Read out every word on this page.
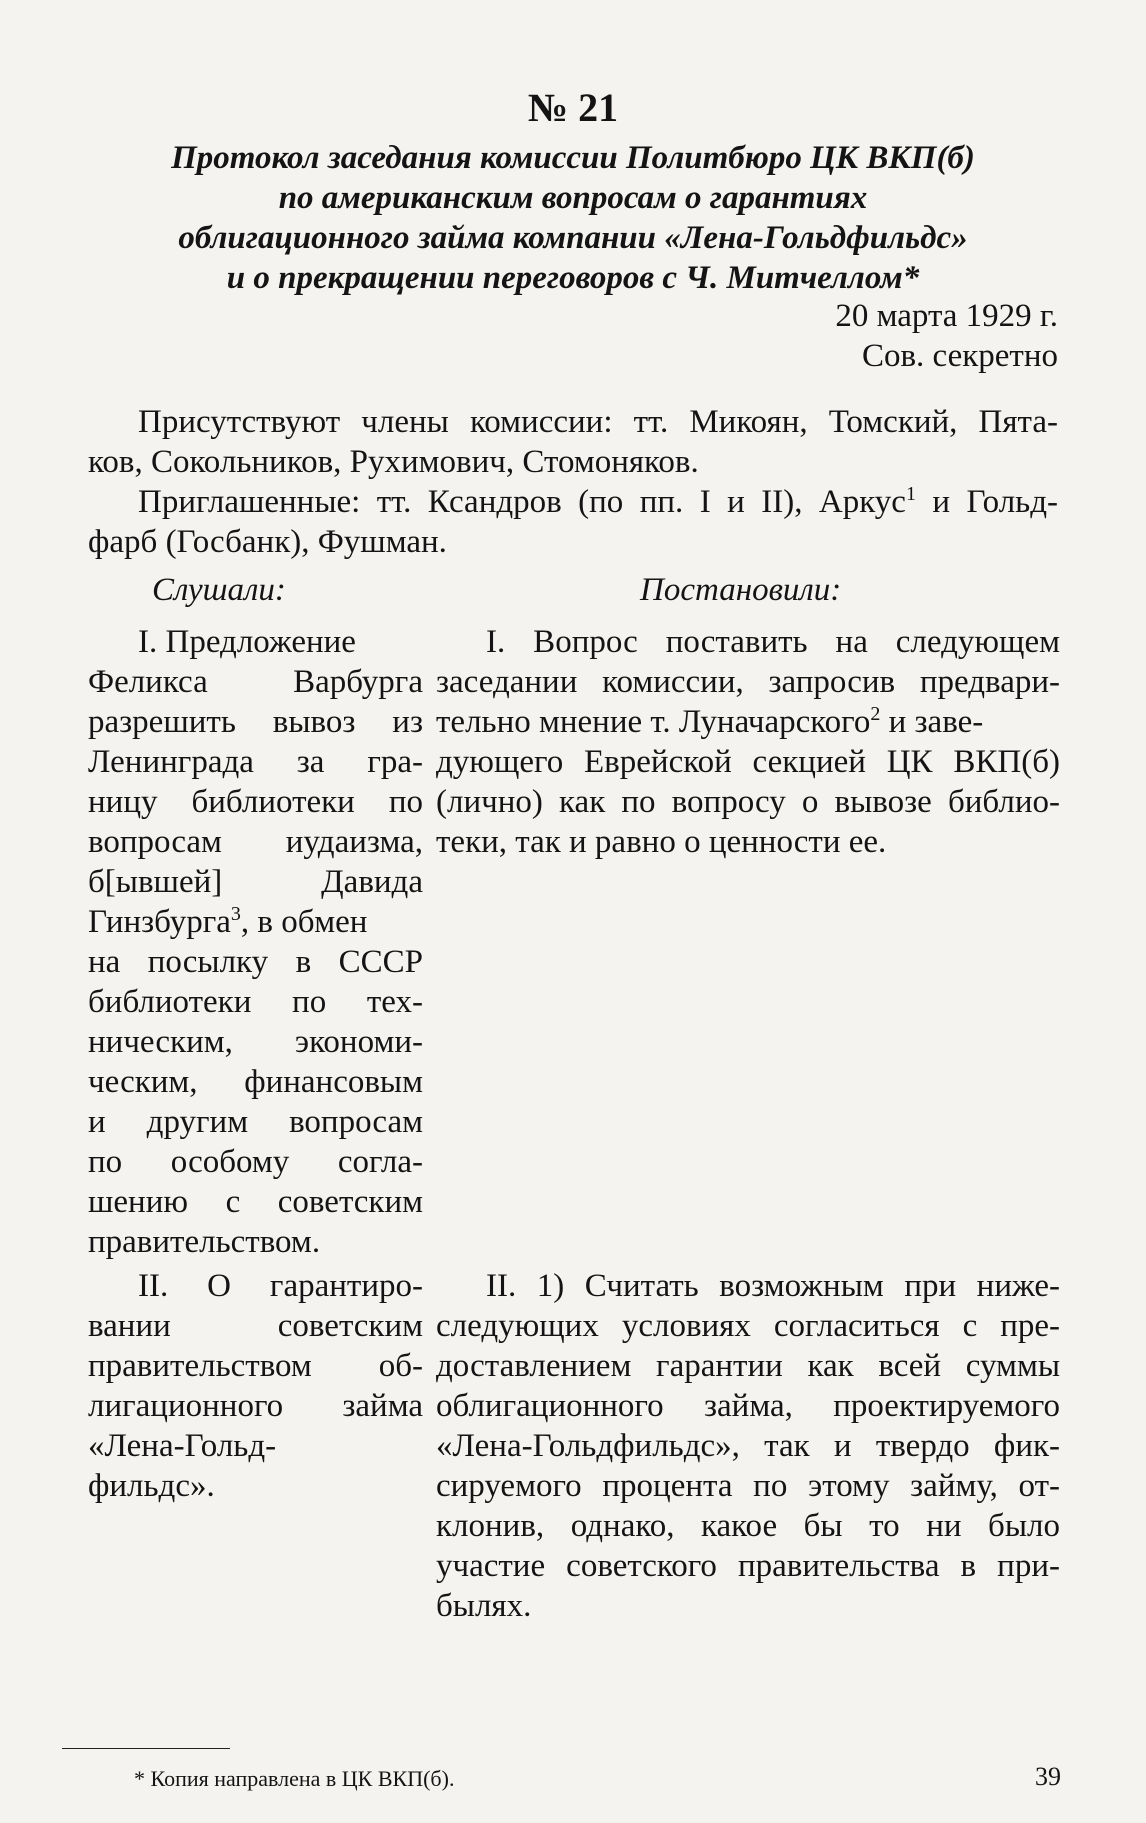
№ 21
Протокол заседания комиссии Политбюро ЦК ВКП(б)
по американским вопросам о гарантиях
облигационного займа компании «Лена-Гольдфильдс»
и о прекращении переговоров с Ч. Митчеллом*
20 марта 1929 г.
Сов. секретно
Присутствуют члены комиссии: тт. Микоян, Томский, Пята-
ков, Сокольников, Рухимович, Стомоняков.
Приглашенные: тт. Ксандров (по пп. I и II), Аркус$^1$ и Гольд-
фарб (Госбанк), Фушман.
Слушали:	Постановили:
I. Предложение
Феликса Варбурга
разрешить вывоз из
Ленинграда за гра-
ницу библиотеки по
вопросам иудаизма,
б[ывшей] Давида
Гинзбурга$^3$, в обмен
на посылку в СССР
библиотеки по тех-
ническим, экономи-
ческим, финансовым
и другим вопросам
по особому согла-
шению с советским
правительством.
I. Вопрос поставить на следующем
заседании комиссии, запросив предвари-
тельно мнение т. Луначарского$^2$ и заве-
дующего Еврейской секцией ЦК ВКП(б)
(лично) как по вопросу о вывозе библио-
теки, так и равно о ценности ее.
II. О гарантиро-
вании советским
правительством об-
лигационного займа
«Лена-Гольд-
фильдс».
II. 1) Считать возможным при ниже-
следующих условиях согласиться с пре-
доставлением гарантии как всей суммы
облигационного займа, проектируемого
«Лена-Гольдфильдс», так и твердо фик-
сируемого процента по этому займу, от-
клонив, однако, какое бы то ни было
участие советского правительства в при-
былях.
* Копия направлена в ЦК ВКП(б).	39
